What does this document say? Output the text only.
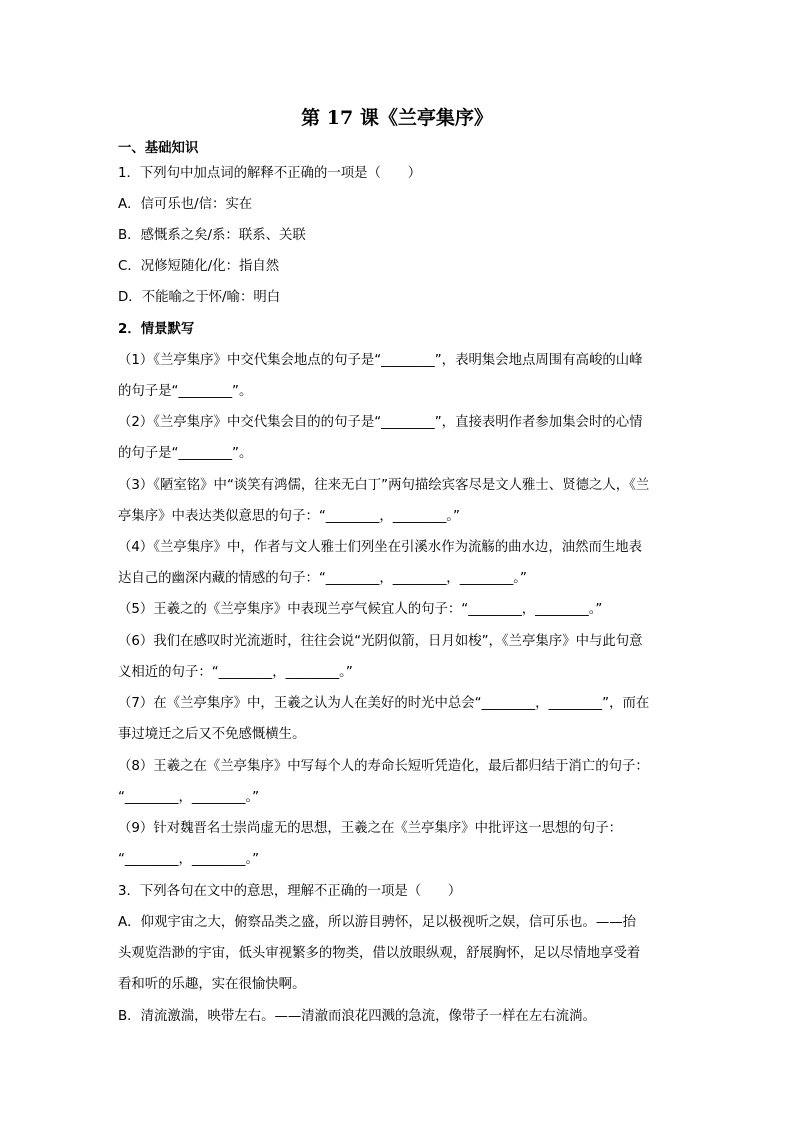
第 17 课《兰亭集序》
一、基础知识
1．下列句中加点词的解释不正确的一项是（　　）
A．信可乐也/信：实在
B．感慨系之矣/系：联系、关联
C．况修短随化/化：指自然
D．不能喻之于怀/喻：明白
2．情景默写
（1）《兰亭集序》中交代集会地点的句子是“________”，表明集会地点周围有高峻的山峰
的句子是“________”。
（2）《兰亭集序》中交代集会目的的句子是“________”，直接表明作者参加集会时的心情
的句子是“________”。
（3）《陋室铭》中“谈笑有鸿儒，往来无白丁”两句描绘宾客尽是文人雅士、贤德之人，《兰
亭集序》中表达类似意思的句子：“________，________。”
（4）《兰亭集序》中，作者与文人雅士们列坐在引溪水作为流觞的曲水边，油然而生地表
达自己的幽深内藏的情感的句子：“________，________，________。”
（5）王羲之的《兰亭集序》中表现兰亭气候宜人的句子：“________，________。”
（6）我们在感叹时光流逝时，往往会说“光阴似箭，日月如梭”，《兰亭集序》中与此句意
义相近的句子：“________，________。”
（7）在《兰亭集序》中，王羲之认为人在美好的时光中总会“________，________”，而在
事过境迁之后又不免感慨横生。
（8）王羲之在《兰亭集序》中写每个人的寿命长短听凭造化，最后都归结于消亡的句子：
“________，________。”
（9）针对魏晋名士崇尚虚无的思想，王羲之在《兰亭集序》中批评这一思想的句子：
“________，________。”
3．下列各句在文中的意思，理解不正确的一项是（　　）
A．仰观宇宙之大，俯察品类之盛，所以游目骋怀，足以极视听之娱，信可乐也。——抬
头观览浩渺的宇宙，低头审视繁多的物类，借以放眼纵观，舒展胸怀，足以尽情地享受着
看和听的乐趣，实在很愉快啊。
B．清流激湍，映带左右。——清澈而浪花四溅的急流，像带子一样在左右流淌。
